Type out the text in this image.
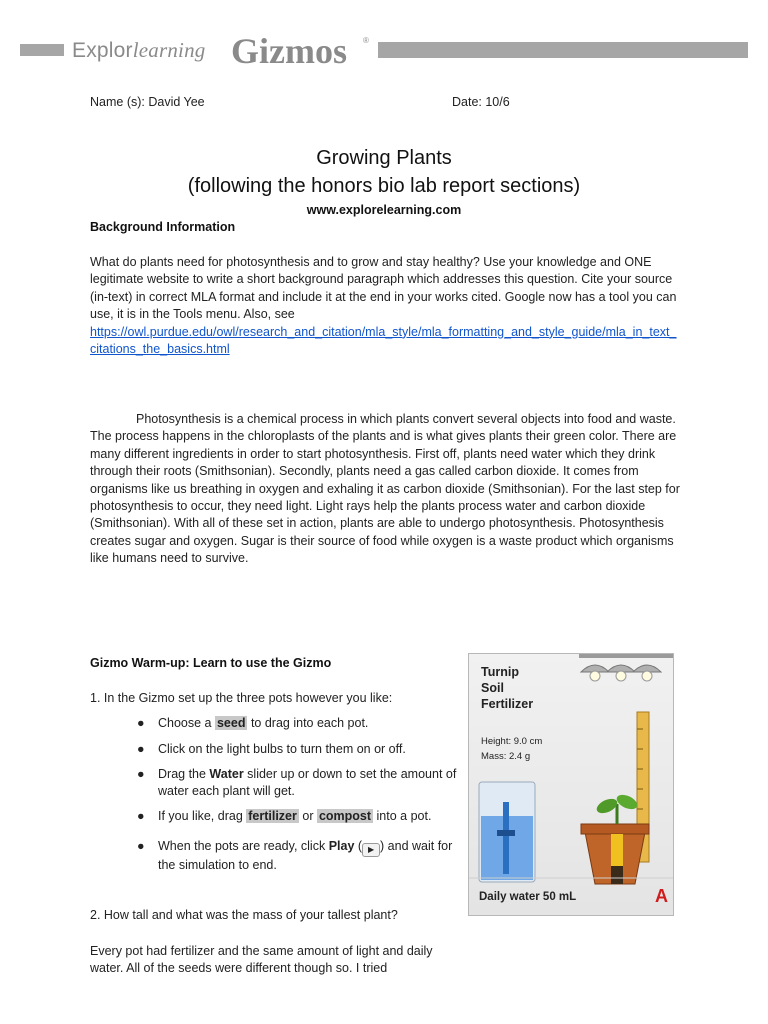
Explorlearning Gizmos ®
Name (s): David Yee	Date: 10/6
Growing Plants
(following the honors bio lab report sections)
www.explorelearning.com
Background Information

What do plants need for photosynthesis and to grow and stay healthy? Use your knowledge and ONE legitimate website to write a short background paragraph which addresses this question. Cite your source (in-text) in correct MLA format and include it at the end in your works cited. Google now has a tool you can use, it is in the Tools menu. Also, see
https://owl.purdue.edu/owl/research_and_citation/mla_style/mla_formatting_and_style_guide/mla_in_text_citations_the_basics.html

Photosynthesis is a chemical process in which plants convert several objects into food and waste. The process happens in the chloroplasts of the plants and is what gives plants their green color. There are many different ingredients in order to start photosynthesis. First off, plants need water which they drink through their roots (Smithsonian). Secondly, plants need a gas called carbon dioxide. It comes from organisms like us breathing in oxygen and exhaling it as carbon dioxide (Smithsonian). For the last step for photosynthesis to occur, they need light. Light rays help the plants process water and carbon dioxide (Smithsonian). With all of these set in action, plants are able to undergo photosynthesis. Photosynthesis creates sugar and oxygen. Sugar is their source of food while oxygen is a waste product which organisms like humans need to survive.
Gizmo Warm-up: Learn to use the Gizmo
1. In the Gizmo set up the three pots however you like:
● Choose a seed to drag into each pot.
● Click on the light bulbs to turn them on or off.
● Drag the Water slider up or down to set the amount of water each plant will get.
● If you like, drag fertilizer or compost into a pot.
● When the pots are ready, click Play ( ▶ ) and wait for the simulation to end.
2. How tall and what was the mass of your tallest plant?
Every pot had fertilizer and the same amount of light and daily water. All of the seeds were different though so. I tried
Turnip
Soil
Fertilizer
Height: 9.0 cm
Mass: 2.4 g
Daily water 50 mL	A
